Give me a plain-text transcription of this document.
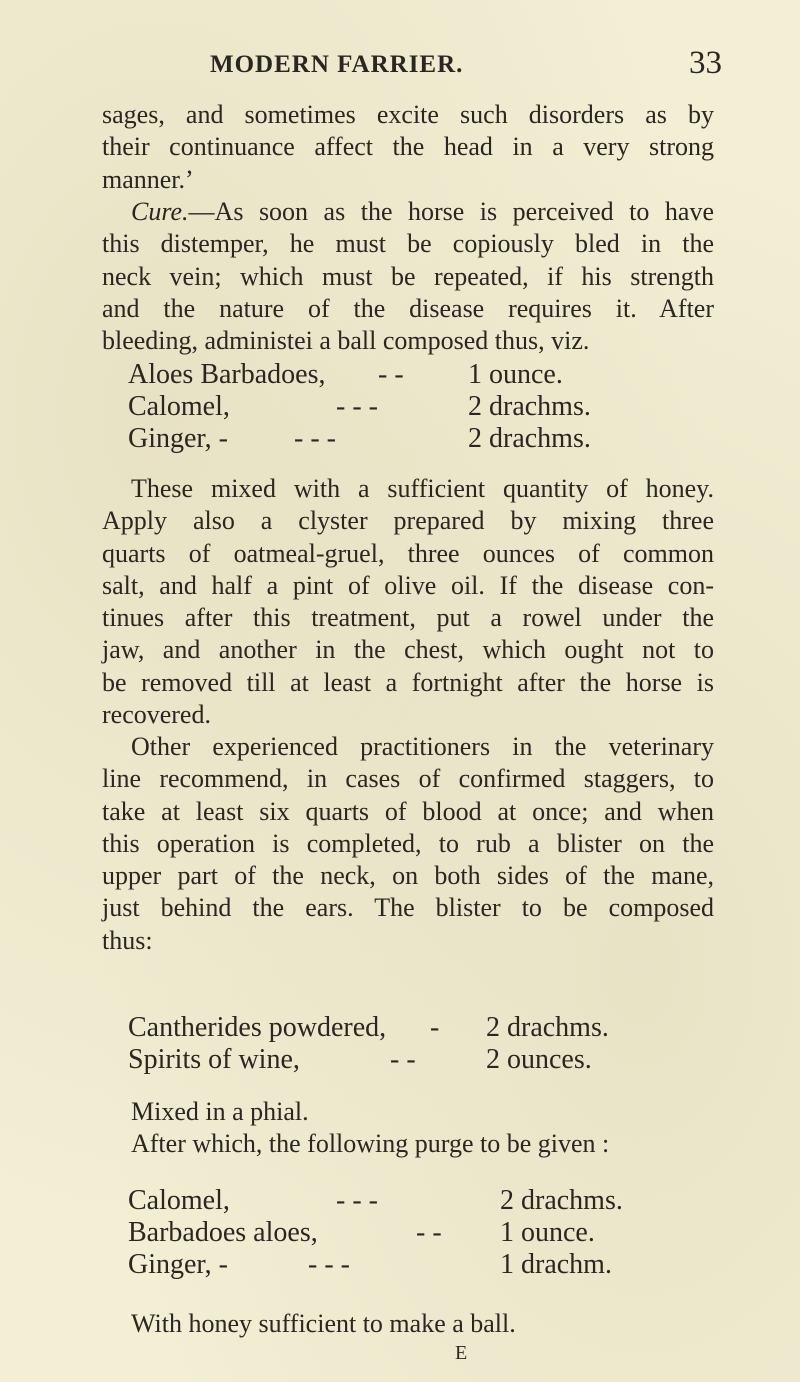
MODERN FARRIER.	33

sages, and sometimes excite such disorders as by

their continuance affect the head in a very strong

manner.’

Cure.—As soon as the horse is perceived to have

this distemper, he must be copiously bled in the

neck vein; which must be repeated, if his strength

and the nature of the disease requires it. After

bleeding, administei a ball composed thus, viz.

Aloes Barbadoes, - - 1 ounce.
Calomel,	- - -	2 drachms.
Ginger, - - - -	2 drachms.

These mixed with a sufficient quantity of honey.

Apply also a clyster prepared by mixing three

quarts of oatmeal-gruel, three ounces of common

salt, and half a pint of olive oil. If the disease con-

tinues after this treatment, put a rowel under the

jaw, and another in the chest, which ought not to

be removed till at least a fortnight after the horse is

recovered.

Other experienced practitioners in the veterinary

line recommend, in cases of confirmed staggers, to

take at least six quarts of blood at once; and when

this operation is completed, to rub a blister on the

upper part of the neck, on both sides of the mane,

just behind the ears. The blister to be composed

thus:

Cantherides powdered, - 2 drachms.
Spirits of wine,	- -	2 ounces.

Mixed in a phial.

After which, the following purge to be given :

Calomel,	- - -	2 drachms.
Barbadoes aloes,	- - 1 ounce.
Ginger, -	- - -	1 drachm.

With honey sufficient to make a ball.

E
